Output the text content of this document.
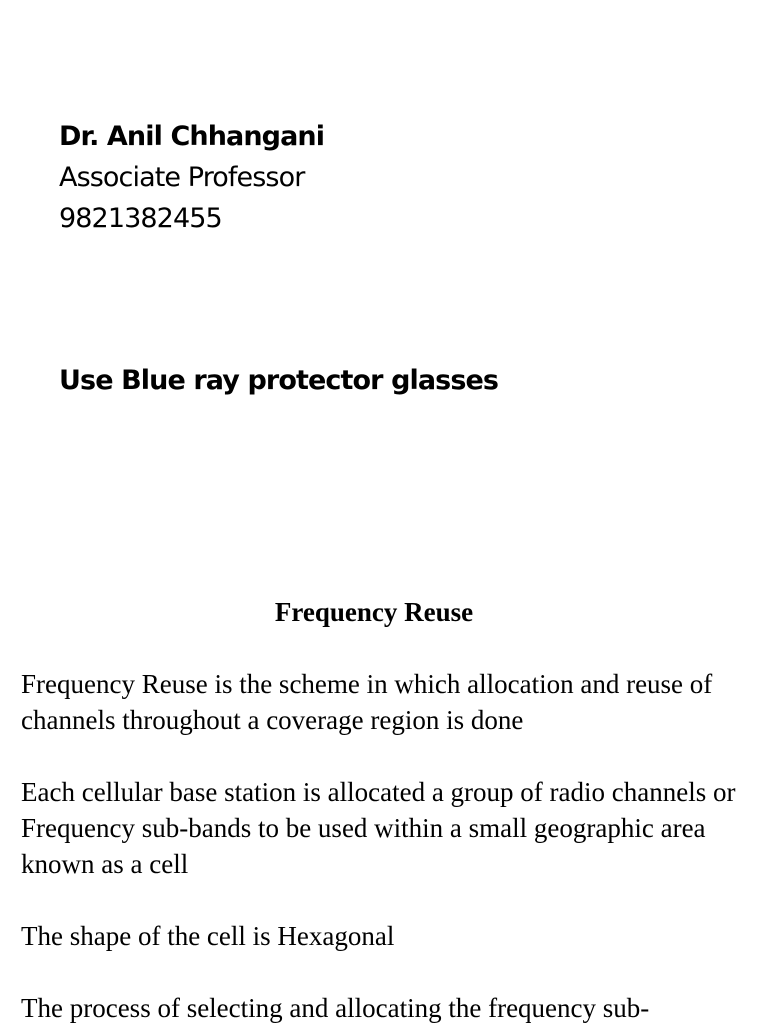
Dr. Anil Chhangani
Associate Professor
9821382455
Use Blue ray protector glasses
Frequency Reuse

Frequency Reuse is the scheme in which allocation and reuse of channels throughout a coverage region is done

Each cellular base station is allocated a group of radio channels or Frequency sub-bands to be used within a small geographic area known as a cell

The shape of the cell is Hexagonal

The process of selecting and allocating the frequency sub-
